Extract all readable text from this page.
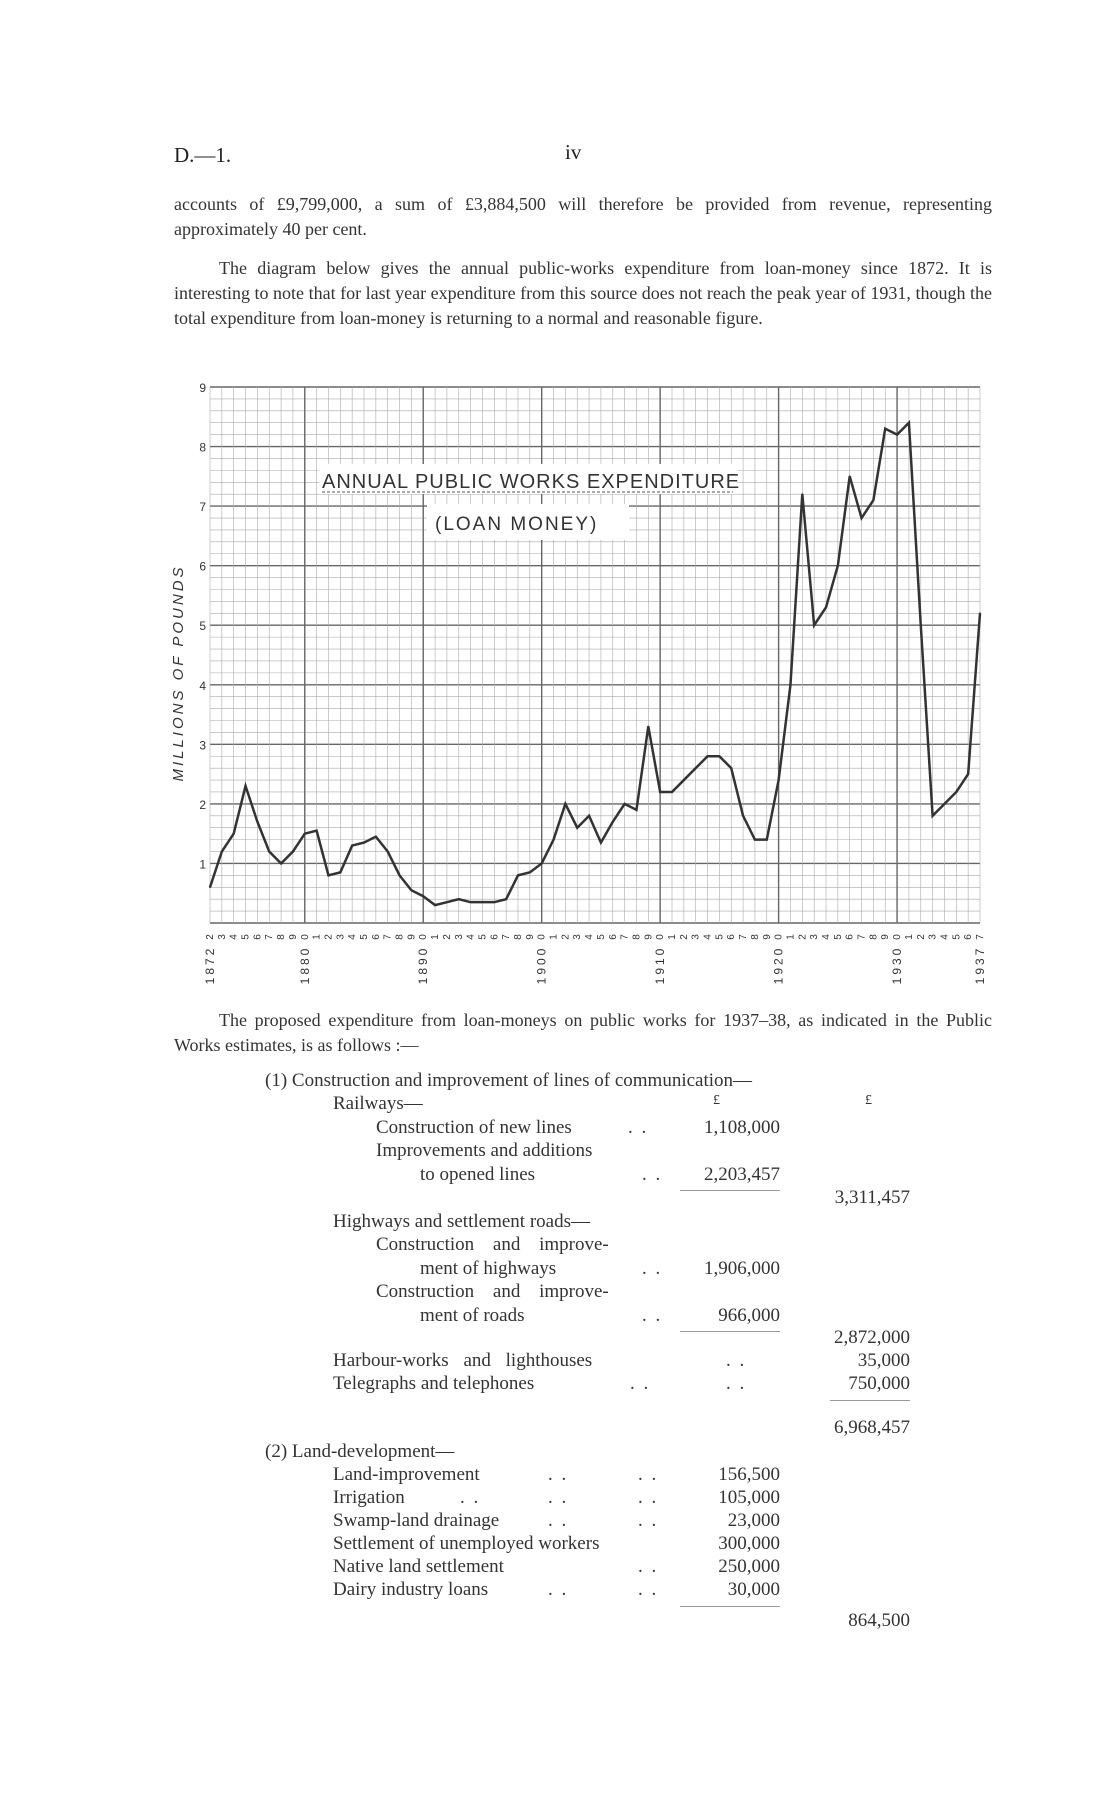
D.—1.	iv

accounts of £9,799,000, a sum of £3,884,500 will therefore be provided from revenue, representing approximately 40 per cent.

The diagram below gives the annual public-works expenditure from loan-money since 1872. It is interesting to note that for last year expenditure from this source does not reach the peak year of 1931, though the total expenditure from loan-money is returning to a normal and reasonable figure.

1
2
3
4
5
6
7
8
9
MILLIONS OF POUNDS
ANNUAL PUBLIC WORKS EXPENDITURE
(LOAN MONEY)
2 3 4 5 6 7 8 9 0 1 2 3 4 5 6 7 8 9 0 1 2 3 4 5 6 7 8 9 0 1 2 3 4 5 6 7 8 9 0 1 2 3 4 5 6 7 8 9 0 1 2 3 4 5 6 7 8 9 0 1 2 3 4 5 6 7
1872	1880	1890	1900	1910	1920	1930	1937

The proposed expenditure from loan-moneys on public works for 1937–38, as indicated in the Public Works estimates, is as follows :—

(1) Construction and improvement of lines of communication—
Railways—	£	£
Construction of new lines	. .	1,108,000
Improvements and additions
to opened lines	. .	2,203,457
3,311,457
Highways and settlement roads—
Construction and improve-
ment of highways	. .	1,906,000
Construction and improve-
ment of roads	. .	966,000
2,872,000
Harbour-works and lighthouses	. .	35,000
Telegraphs and telephones	. .	. .	750,000
6,968,457
(2) Land-development—
Land-improvement	. .	. .	156,500
Irrigation	. .	. .	. .	105,000
Swamp-land drainage	. .	. .	23,000
Settlement of unemployed workers	300,000
Native land settlement	. .	250,000
Dairy industry loans	. .	. .	30,000
864,500
